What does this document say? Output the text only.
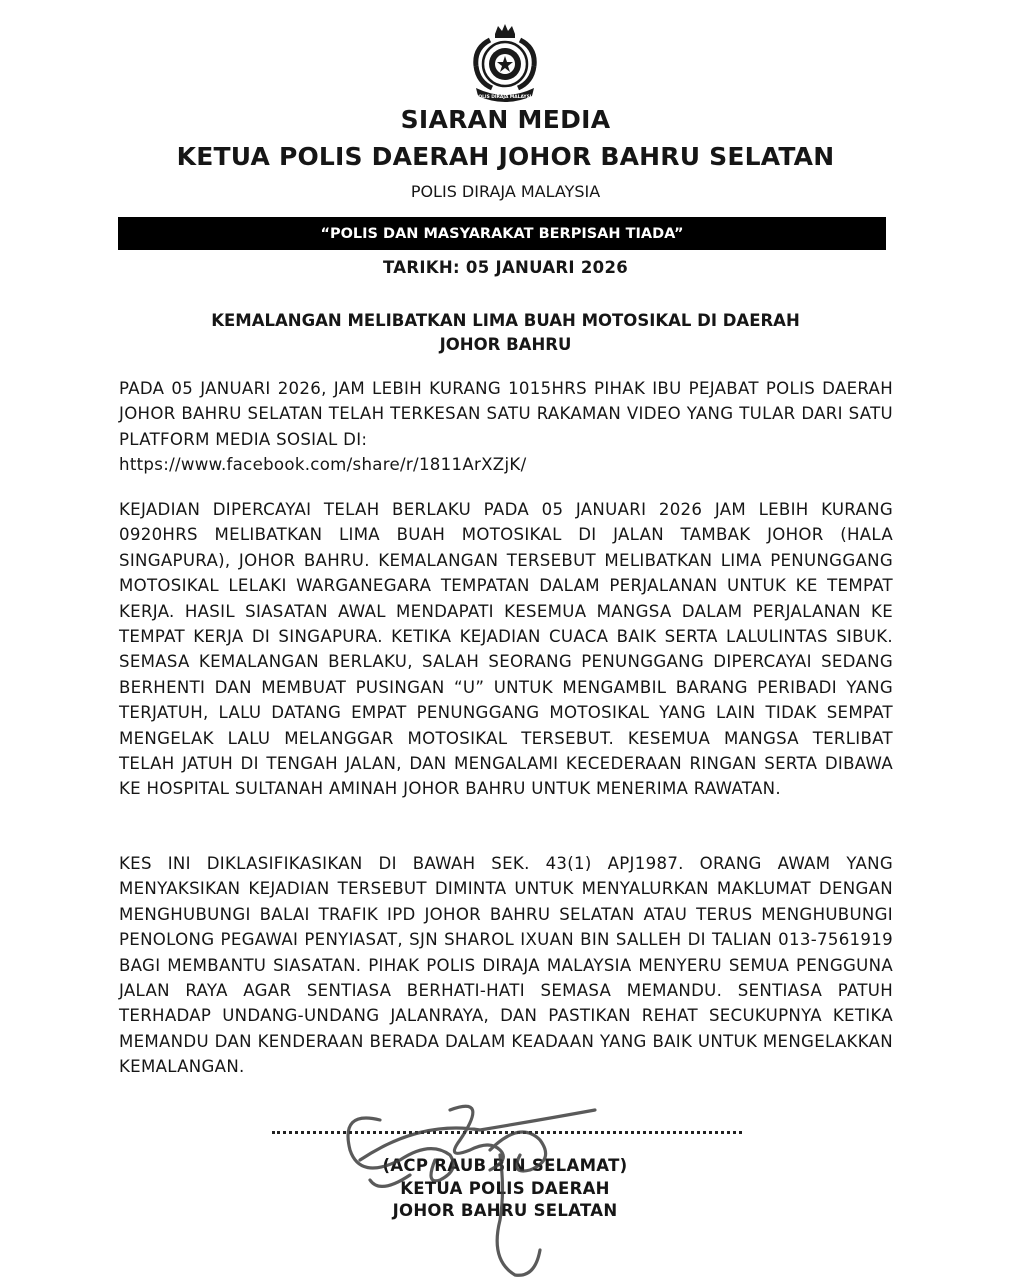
POLIS DIRAJA MALAYSIA
SIARAN MEDIA
KETUA POLIS DAERAH JOHOR BAHRU SELATAN
POLIS DIRAJA MALAYSIA
“POLIS DAN MASYARAKAT BERPISAH TIADA”
TARIKH: 05 JANUARI 2026
KEMALANGAN MELIBATKAN LIMA BUAH MOTOSIKAL DI DAERAH
JOHOR BAHRU
PADA 05 JANUARI 2026, JAM LEBIH KURANG 1015HRS PIHAK IBU PEJABAT POLIS DAERAH JOHOR BAHRU SELATAN TELAH TERKESAN SATU RAKAMAN VIDEO YANG TULAR DARI SATU PLATFORM MEDIA SOSIAL DI:
https://www.facebook.com/share/r/1811ArXZjK/

KEJADIAN DIPERCAYAI TELAH BERLAKU PADA 05 JANUARI 2026 JAM LEBIH KURANG 0920HRS MELIBATKAN LIMA BUAH MOTOSIKAL DI JALAN TAMBAK JOHOR (HALA SINGAPURA), JOHOR BAHRU. KEMALANGAN TERSEBUT MELIBATKAN LIMA PENUNGGANG MOTOSIKAL LELAKI WARGANEGARA TEMPATAN DALAM PERJALANAN UNTUK KE TEMPAT KERJA. HASIL SIASATAN AWAL MENDAPATI KESEMUA MANGSA DALAM PERJALANAN KE TEMPAT KERJA DI SINGAPURA. KETIKA KEJADIAN CUACA BAIK SERTA LALULINTAS SIBUK. SEMASA KEMALANGAN BERLAKU, SALAH SEORANG PENUNGGANG DIPERCAYAI SEDANG BERHENTI DAN MEMBUAT PUSINGAN “U” UNTUK MENGAMBIL BARANG PERIBADI YANG TERJATUH, LALU DATANG EMPAT PENUNGGANG MOTOSIKAL YANG LAIN TIDAK SEMPAT MENGELAK LALU MELANGGAR MOTOSIKAL TERSEBUT. KESEMUA MANGSA TERLIBAT TELAH JATUH DI TENGAH JALAN, DAN MENGALAMI KECEDERAAN RINGAN SERTA DIBAWA KE HOSPITAL SULTANAH AMINAH JOHOR BAHRU UNTUK MENERIMA RAWATAN.

KES INI DIKLASIFIKASIKAN DI BAWAH SEK. 43(1) APJ1987. ORANG AWAM YANG MENYAKSIKAN KEJADIAN TERSEBUT DIMINTA UNTUK MENYALURKAN MAKLUMAT DENGAN MENGHUBUNGI BALAI TRAFIK IPD JOHOR BAHRU SELATAN ATAU TERUS MENGHUBUNGI PENOLONG PEGAWAI PENYIASAT, SJN SHAROL IXUAN BIN SALLEH DI TALIAN 013-7561919 BAGI MEMBANTU SIASATAN. PIHAK POLIS DIRAJA MALAYSIA MENYERU SEMUA PENGGUNA JALAN RAYA AGAR SENTIASA BERHATI-HATI SEMASA MEMANDU. SENTIASA PATUH TERHADAP UNDANG-UNDANG JALANRAYA, DAN PASTIKAN REHAT SECUKUPNYA KETIKA MEMANDU DAN KENDERAAN BERADA DALAM KEADAAN YANG BAIK UNTUK MENGELAKKAN KEMALANGAN.

(ACP RAUB BIN SELAMAT)
KETUA POLIS DAERAH
JOHOR BAHRU SELATAN
